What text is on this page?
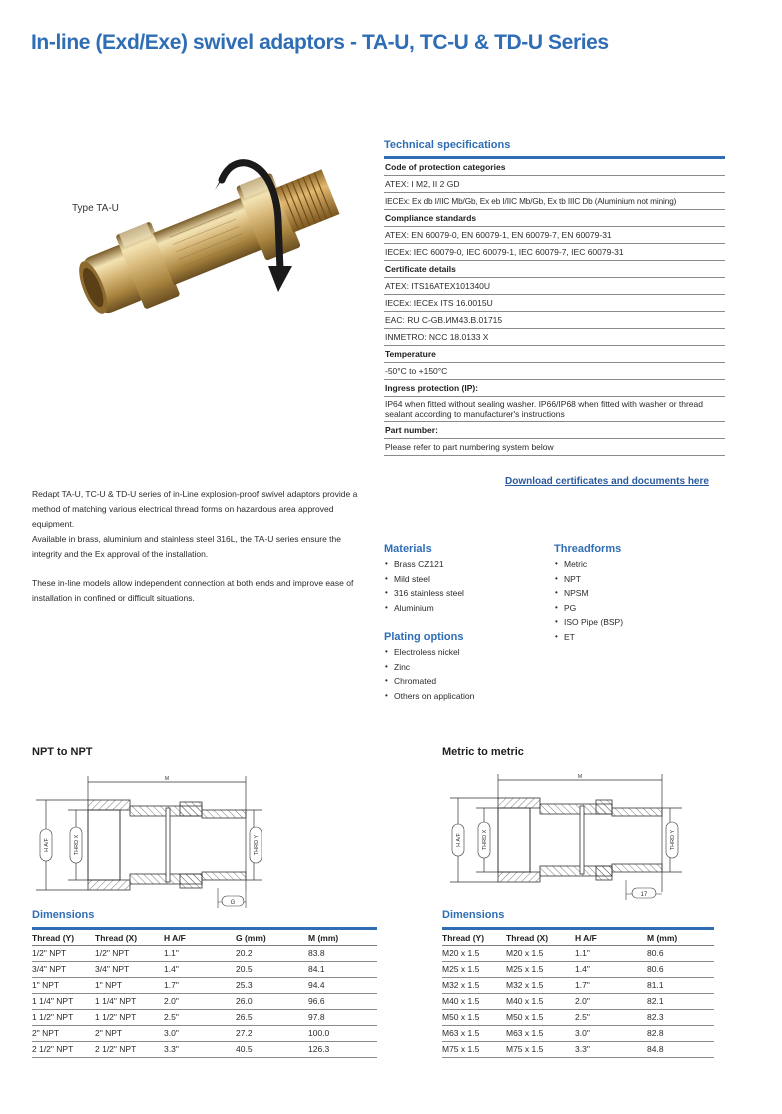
In-line (Exd/Exe) swivel adaptors - TA-U, TC-U & TD-U Series
Type TA-U
Technical specifications
Code of protection categories
ATEX: I M2, II 2 GD
IECEx: Ex db I/IIC Mb/Gb, Ex eb I/IIC Mb/Gb, Ex tb IIIC Db (Aluminium not mining)
Compliance standards
ATEX: EN 60079-0, EN 60079-1, EN 60079-7, EN 60079-31
IECEx: IEC 60079-0, IEC 60079-1, IEC 60079-7, IEC 60079-31
Certificate details
ATEX: ITS16ATEX101340U
IECEx: IECEx ITS 16.0015U
EAC: RU C-GB.ИМ43.B.01715
INMETRO: NCC 18.0133 X
Temperature
-50°C to +150°C
Ingress protection (IP):
IP64 when fitted without sealing washer. IP66/IP68 when fitted with washer or thread sealant according to manufacturer's instructions
Part number:
Please refer to part numbering system below
Download certificates and documents here

Redapt TA-U, TC-U & TD-U series of in-Line explosion-proof swivel adaptors provide a method of matching various electrical thread forms on hazardous area approved equipment.
Available in brass, aluminium and stainless steel 316L, the TA-U series ensure the integrity and the Ex approval of the installation.

These in-line models allow independent connection at both ends and improve ease of installation in confined or difficult situations.

Materials
• Brass CZ121
• Mild steel
• 316 stainless steel
• Aluminium
Plating options
• Electroless nickel
• Zinc
• Chromated
• Others on application
Threadforms
• Metric
• NPT
• NPSM
• PG
• ISO Pipe (BSP)
• ET
NPT to NPT
M
H A/F	THRD X	THRD Y
G
Metric to metric
M
H A/F	THRD X	THRD Y
17
Dimensions
Thread (Y)	Thread (X)	H A/F	G (mm)	M (mm)
1/2" NPT	1/2" NPT	1.1"	20.2	83.8
3/4" NPT	3/4" NPT	1.4"	20.5	84.1
1" NPT	1" NPT	1.7"	25.3	94.4
1 1/4" NPT	1 1/4" NPT	2.0"	26.0	96.6
1 1/2" NPT	1 1/2" NPT	2.5"	26.5	97.8
2" NPT	2" NPT	3.0"	27.2	100.0
2 1/2" NPT	2 1/2" NPT	3.3"	40.5	126.3
Dimensions
Thread (Y)	Thread (X)	H A/F	M (mm)
M20 x 1.5	M20 x 1.5	1.1"	80.6
M25 x 1.5	M25 x 1.5	1.4"	80.6
M32 x 1.5	M32 x 1.5	1.7"	81.1
M40 x 1.5	M40 x 1.5	2.0"	82.1
M50 x 1.5	M50 x 1.5	2.5"	82.3
M63 x 1.5	M63 x 1.5	3.0"	82.8
M75 x 1.5	M75 x 1.5	3.3"	84.8
